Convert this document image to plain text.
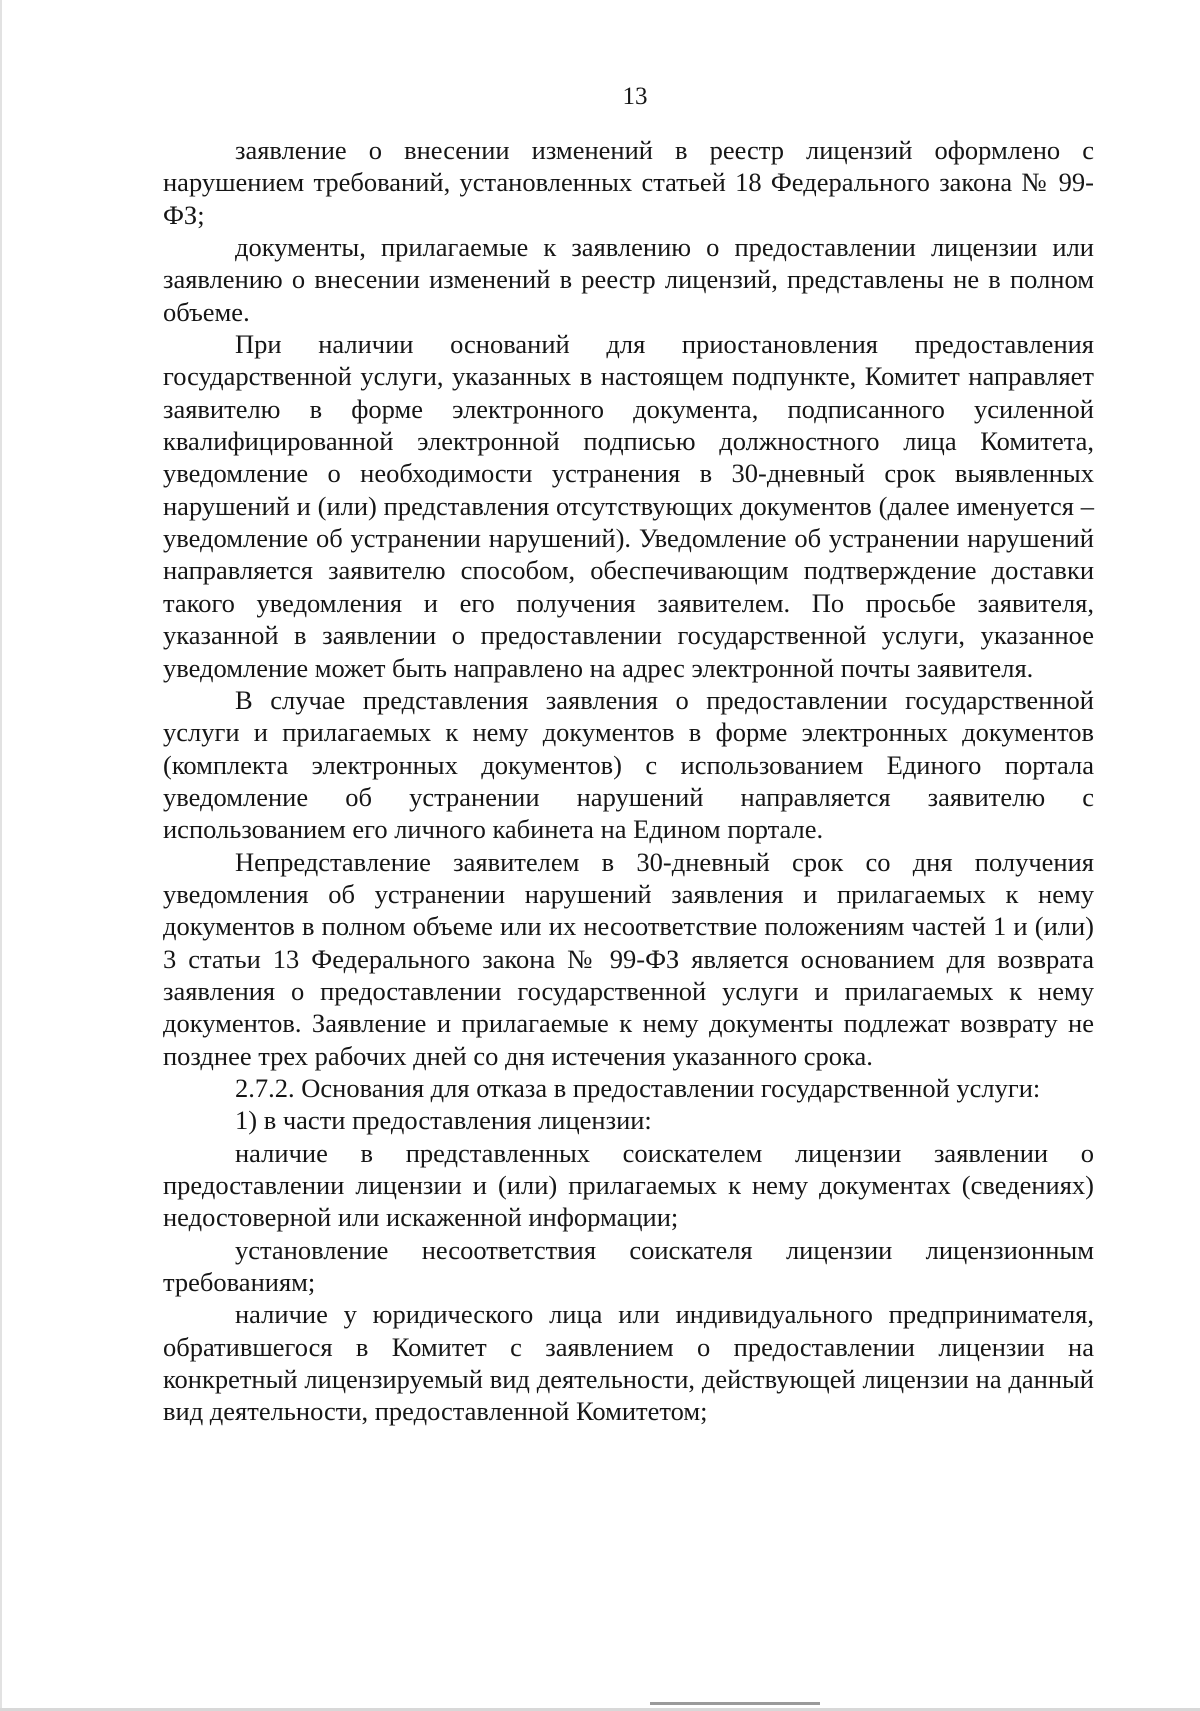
13

заявление о внесении изменений в реестр лицензий оформлено с нарушением требований, установленных статьей 18 Федерального закона № 99-ФЗ;

документы, прилагаемые к заявлению о предоставлении лицензии или заявлению о внесении изменений в реестр лицензий, представлены не в полном объеме.

При наличии оснований для приостановления предоставления государственной услуги, указанных в настоящем подпункте, Комитет направляет заявителю в форме электронного документа, подписанного усиленной квалифицированной электронной подписью должностного лица Комитета, уведомление о необходимости устранения в 30-дневный срок выявленных нарушений и (или) представления отсутствующих документов (далее именуется – уведомление об устранении нарушений). Уведомление об устранении нарушений направляется заявителю способом, обеспечивающим подтверждение доставки такого уведомления и его получения заявителем. По просьбе заявителя, указанной в заявлении о предоставлении государственной услуги, указанное уведомление может быть направлено на адрес электронной почты заявителя.

В случае представления заявления о предоставлении государственной услуги и прилагаемых к нему документов в форме электронных документов (комплекта электронных документов) с использованием Единого портала уведомление об устранении нарушений направляется заявителю с использованием его личного кабинета на Едином портале.

Непредставление заявителем в 30-дневный срок со дня получения уведомления об устранении нарушений заявления и прилагаемых к нему документов в полном объеме или их несоответствие положениям частей 1 и (или) 3 статьи 13 Федерального закона № 99-ФЗ является основанием для возврата заявления о предоставлении государственной услуги и прилагаемых к нему документов. Заявление и прилагаемые к нему документы подлежат возврату не позднее трех рабочих дней со дня истечения указанного срока.

2.7.2. Основания для отказа в предоставлении государственной услуги:

1) в части предоставления лицензии:

наличие в представленных соискателем лицензии заявлении о предоставлении лицензии и (или) прилагаемых к нему документах (сведениях) недостоверной или искаженной информации;

установление несоответствия соискателя лицензии лицензионным требованиям;

наличие у юридического лица или индивидуального предпринимателя, обратившегося в Комитет с заявлением о предоставлении лицензии на конкретный лицензируемый вид деятельности, действующей лицензии на данный вид деятельности, предоставленной Комитетом;
